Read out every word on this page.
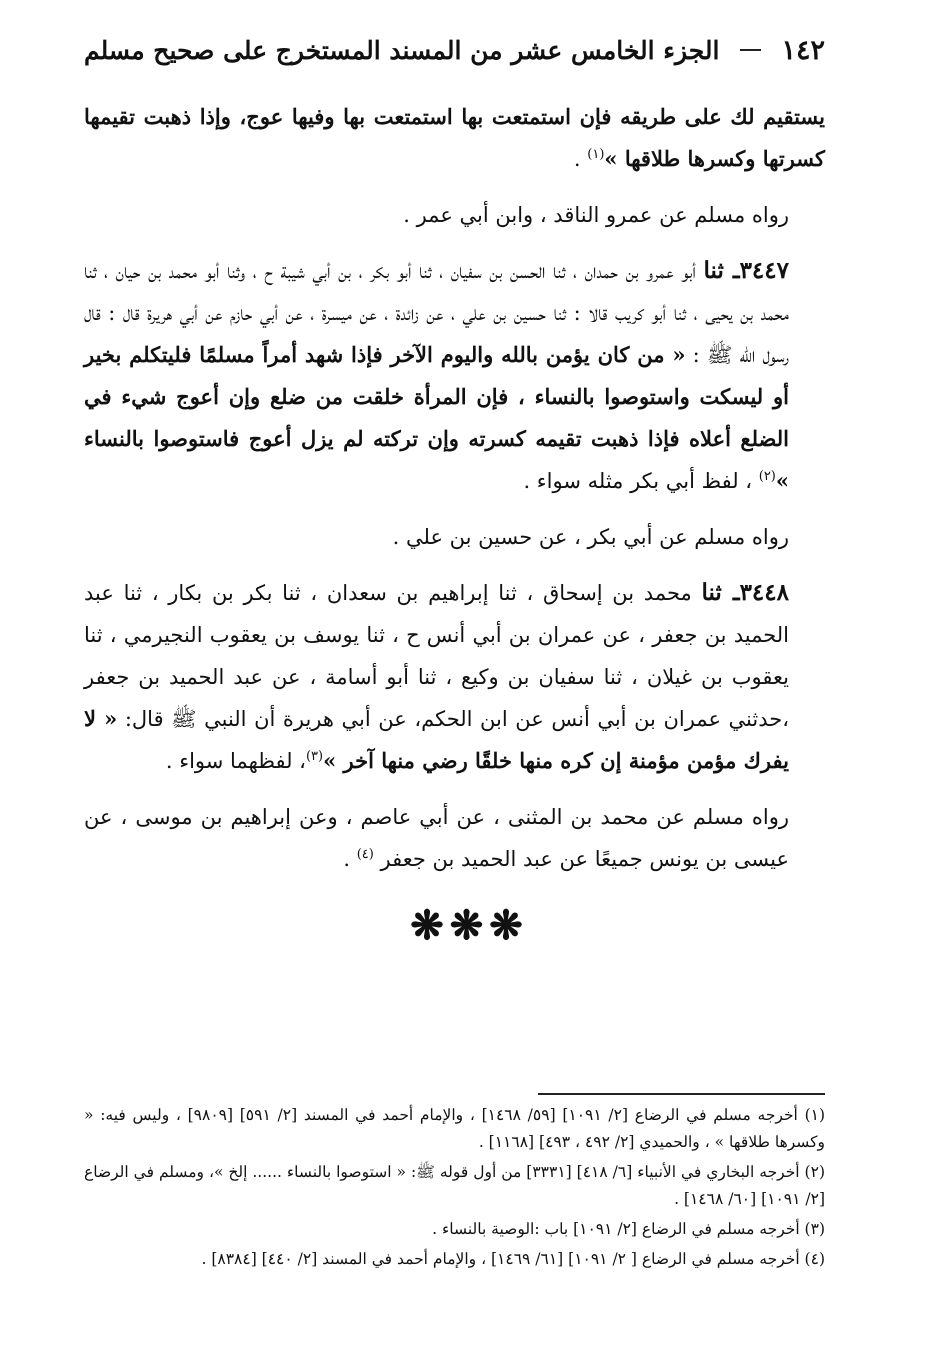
١٤٢
الجزء الخامس عشر من المسند المستخرج على صحيح مسلم

يستقيم لك على طريقه فإن استمتعت بها استمتعت بها وفيها عوج، وإذا ذهبت تقيمها كسرتها وكسرها طلاقها »$^{(١)}$ .

رواه مسلم عن عمرو الناقد ، وابن أبي عمر .

٣٤٤٧ـ ثنا أبو عمرو بن حمدان ، ثنا الحسن بن سفيان ، ثنا أبو بكر ، بن أبي شيبة ح ، وثنا أبو محمد بن حيان ، ثنا محمد بن يحيى ، ثنا أبو كريب قالا : ثنا حسين بن علي ، عن زائدة ، عن ميسرة ، عن أبي حازم عن أبي هريرة قال : قال رسول الله ﷺ : « من كان يؤمن بالله واليوم الآخر فإذا شهد أمراً مسلمًا فليتكلم بخير أو ليسكت واستوصوا بالنساء ، فإن المرأة خلقت من ضلع وإن أعوج شيء في الضلع أعلاه فإذا ذهبت تقيمه كسرته وإن تركته لم يزل أعوج فاستوصوا بالنساء »$^{(٢)}$ ، لفظ أبي بكر مثله سواء .

رواه مسلم عن أبي بكر ، عن حسين بن علي .

٣٤٤٨ـ ثنا محمد بن إسحاق ، ثنا إبراهيم بن سعدان ، ثنا بكر بن بكار ، ثنا عبد الحميد بن جعفر ، عن عمران بن أبي أنس ح ، ثنا يوسف بن يعقوب النجيرمي ، ثنا يعقوب بن غيلان ، ثنا سفيان بن وكيع ، ثنا أبو أسامة ، عن عبد الحميد بن جعفر ،حدثني عمران بن أبي أنس عن ابن الحكم، عن أبي هريرة أن النبي ﷺ قال: « لا يفرك مؤمن مؤمنة إن كره منها خلقًا رضي منها آخر »$^{(٣)}$، لفظهما سواء .

رواه مسلم عن محمد بن المثنى ، عن أبي عاصم ، وعن إبراهيم بن موسى ، عن عيسى بن يونس جميعًا عن عبد الحميد بن جعفر $^{(٤)}$ .

❋❋❋

(١) أخرجه مسلم في الرضاع [٢/ ١٠٩١] [٥٩/ ١٤٦٨] ، والإمام أحمد في المسند [٢/ ٥٩١] [٩٨٠٩] ، وليس فيه: « وكسرها طلاقها » ، والحميدي [٢/ ٤٩٢ ، ٤٩٣] [١١٦٨] .

(٢) أخرجه البخاري في الأنبياء [٦/ ٤١٨] [٣٣٣١] من أول قوله ﷺ: « استوصوا بالنساء ...... إلخ »، ومسلم في الرضاع [٢/ ١٠٩١] [٦٠/ ١٤٦٨] .

(٣) أخرجه مسلم في الرضاع [٢/ ١٠٩١] باب :الوصية بالنساء .

(٤) أخرجه مسلم في الرضاع [ ٢/ ١٠٩١] [٦١/ ١٤٦٩] ، والإمام أحمد في المسند [٢/ ٤٤٠] [٨٣٨٤] .
